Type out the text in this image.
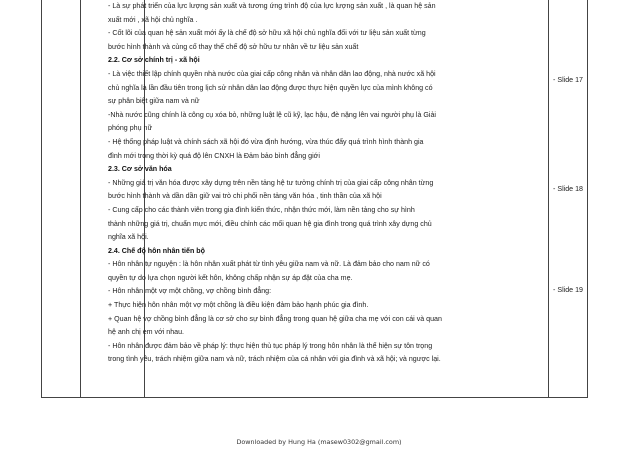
- Là sự phát triển của lực lượng sản xuất và tương ứng trình độ của lực lượng sản xuất , là quan hệ sản

xuất mới , xã hội chủ nghĩa .

- Cốt lõi của quan hệ sản xuất mới ấy là chế độ sở hữu xã hội chủ nghĩa đối với tư liệu sản xuất từng

bước hình thành và củng cố thay thế chế độ sở hữu tư nhân về tư liệu sản xuất

2.2. Cơ sở chính trị - xã hội

- Là việc thiết lập chính quyền nhà nước của giai cấp công nhân và nhân dân lao động, nhà nước xã hội

chủ nghĩa là lần đầu tiên trong lịch sử nhân dân lao động được thực hiện quyền lực của mình không có

sự phân biệt giữa nam và nữ

-Nhà nước cũng chính là công cụ xóa bỏ, những luật lệ cũ kỹ, lạc hậu, đè nặng lên vai người phụ là Giải

phóng phụ nữ

- Hệ thống pháp luật và chính sách xã hội đó vừa định hướng, vừa thúc đẩy quá trình hình thành gia

đình mới trong thời kỳ quá độ lên CNXH là Đảm bảo bình đẳng giới

2.3. Cơ sở văn hóa

- Những giá trị văn hóa được xây dựng trên nền tảng hệ tư tưởng chính trị của giai cấp công nhân từng

bước hình thành và dần dần giữ vai trò chi phối nền tảng văn hóa , tinh thần của xã hội

- Cung cấp cho các thành viên trong gia đình kiến thức, nhận thức mới, làm nền tảng cho sự hình

thành những giá trị, chuẩn mực mới, điều chỉnh các mối quan hệ gia đình trong quá trình xây dựng chủ

nghĩa xã hội.

2.4. Chế độ hôn nhân tiến bộ

- Hôn nhân tự nguyện : là hôn nhân xuất phát từ tình yêu giữa nam và nữ. Là đảm bảo cho nam nữ có

quyền tự do lựa chọn người kết hôn, không chấp nhận sự áp đặt của cha mẹ.

- Hôn nhân một vợ một chồng, vợ chồng bình đẳng:

+ Thực hiện hôn nhân một vợ một chồng là điều kiện đảm bảo hạnh phúc gia đình.

+ Quan hệ vợ chồng bình đẳng là cơ sở cho sự bình đẳng trong quan hệ giữa cha mẹ với con cái và quan

hệ anh chị em với nhau.

- Hôn nhân được đảm bảo về pháp lý: thực hiện thủ tục pháp lý trong hôn nhân là thể hiện sự tôn trọng

trong tình yêu, trách nhiệm giữa nam và nữ, trách nhiệm của cá nhân với gia đình và xã hội; và ngược lại.

- Slide 17
- Slide 18
- Slide 19
Downloaded by Hung Ha (masew0302@gmail.com)
